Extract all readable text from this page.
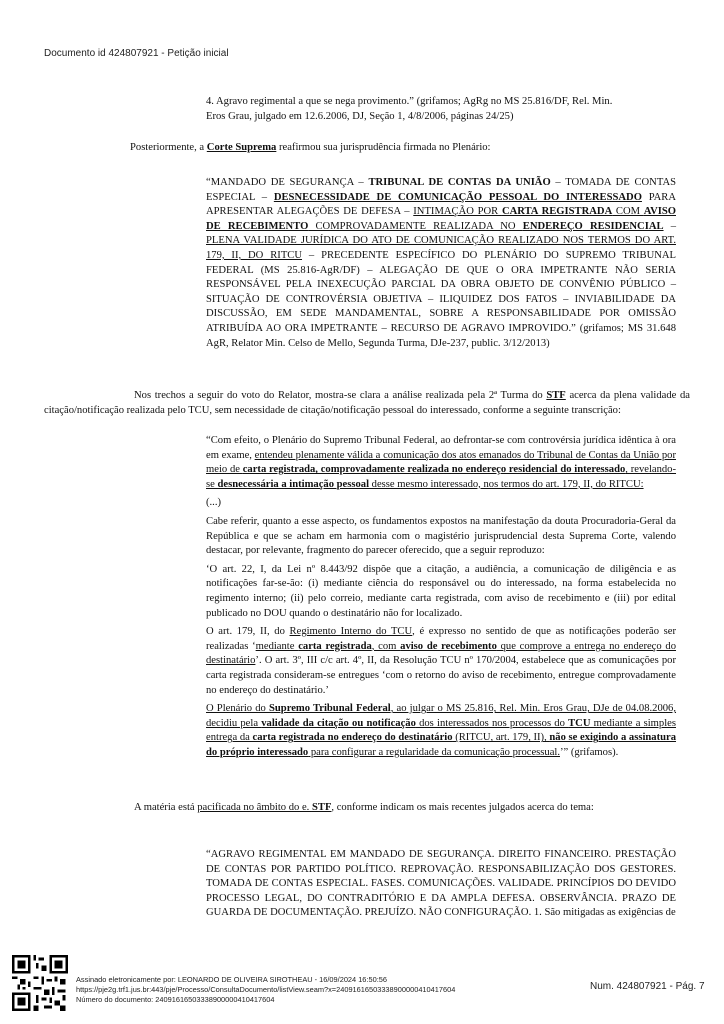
Documento id 424807921 - Petição inicial
4. Agravo regimental a que se nega provimento.” (grifamos; AgRg no MS 25.816/DF, Rel. Min.
Eros Grau, julgado em 12.6.2006, DJ, Seção 1, 4/8/2006, páginas 24/25)
Posteriormente, a Corte Suprema reafirmou sua jurisprudência firmada no Plenário:
“MANDADO DE SEGURANÇA – TRIBUNAL DE CONTAS DA UNIÃO – TOMADA DE CONTAS ESPECIAL – DESNECESSIDADE DE COMUNICAÇÃO PESSOAL DO INTERESSADO PARA APRESENTAR ALEGAÇÕES DE DEFESA – INTIMAÇÃO POR CARTA REGISTRADA COM AVISO DE RECEBIMENTO COMPROVADAMENTE REALIZADA NO ENDEREÇO RESIDENCIAL – PLENA VALIDADE JURÍDICA DO ATO DE COMUNICAÇÃO REALIZADO NOS TERMOS DO ART. 179, II, DO RITCU – PRECEDENTE ESPECÍFICO DO PLENÁRIO DO SUPREMO TRIBUNAL FEDERAL (MS 25.816-AgR/DF) – ALEGAÇÃO DE QUE O ORA IMPETRANTE NÃO SERIA RESPONSÁVEL PELA INEXECUÇÃO PARCIAL DA OBRA OBJETO DE CONVÊNIO PÚBLICO – SITUAÇÃO DE CONTROVÉRSIA OBJETIVA – ILIQUIDEZ DOS FATOS – INVIABILIDADE DA DISCUSSÃO, EM SEDE MANDAMENTAL, SOBRE A RESPONSABILIDADE POR OMISSÃO ATRIBUÍDA AO ORA IMPETRANTE – RECURSO DE AGRAVO IMPROVIDO.” (grifamos; MS 31.648 AgR, Relator Min. Celso de Mello, Segunda Turma, DJe-237, public. 3/12/2013)
Nos trechos a seguir do voto do Relator, mostra-se clara a análise realizada pela 2ª Turma do STF acerca da plena validade da citação/notificação realizada pelo TCU, sem necessidade de citação/notificação pessoal do interessado, conforme a seguinte transcrição:

“Com efeito, o Plenário do Supremo Tribunal Federal, ao defrontar-se com controvérsia jurídica idêntica à ora em exame, entendeu plenamente válida a comunicação dos atos emanados do Tribunal de Contas da União por meio de carta registrada, comprovadamente realizada no endereço residencial do interessado, revelando-se desnecessária a intimação pessoal desse mesmo interessado, nos termos do art. 179, II, do RITCU:

(...)

Cabe referir, quanto a esse aspecto, os fundamentos expostos na manifestação da douta Procuradoria-Geral da República e que se acham em harmonia com o magistério jurisprudencial desta Suprema Corte, valendo destacar, por relevante, fragmento do parecer oferecido, que a seguir reproduzo:

‘O art. 22, I, da Lei nº 8.443/92 dispõe que a citação, a audiência, a comunicação de diligência e as notificações far-se-ão: (i) mediante ciência do responsável ou do interessado, na forma estabelecida no regimento interno; (ii) pelo correio, mediante carta registrada, com aviso de recebimento e (iii) por edital publicado no DOU quando o destinatário não for localizado.

O art. 179, II, do Regimento Interno do TCU, é expresso no sentido de que as notificações poderão ser realizadas ‘mediante carta registrada, com aviso de recebimento que comprove a entrega no endereço do destinatário’. O art. 3º, III c/c art. 4º, II, da Resolução TCU nº 170/2004, estabelece que as comunicações por carta registrada consideram-se entregues ‘com o retorno do aviso de recebimento, entregue comprovadamente no endereço do destinatário.’

O Plenário do Supremo Tribunal Federal, ao julgar o MS 25.816, Rel. Min. Eros Grau, DJe de 04.08.2006, decidiu pela validade da citação ou notificação dos interessados nos processos do TCU mediante a simples entrega da carta registrada no endereço do destinatário (RITCU, art. 179, II), não se exigindo a assinatura do próprio interessado para configurar a regularidade da comunicação processual.’” (grifamos).

A matéria está pacificada no âmbito do e. STF, conforme indicam os mais recentes julgados acerca do tema:
“AGRAVO REGIMENTAL EM MANDADO DE SEGURANÇA. DIREITO FINANCEIRO. PRESTAÇÃO DE CONTAS POR PARTIDO POLÍTICO. REPROVAÇÃO. RESPONSABILIZAÇÃO DOS GESTORES. TOMADA DE CONTAS ESPECIAL. FASES. COMUNICAÇÕES. VALIDADE. PRINCÍPIOS DO DEVIDO PROCESSO LEGAL, DO CONTRADITÓRIO E DA AMPLA DEFESA. OBSERVÂNCIA. PRAZO DE GUARDA DE DOCUMENTAÇÃO. PREJUÍZO. NÃO CONFIGURAÇÃO. 1. São mitigadas as exigências de
Assinado eletronicamente por: LEONARDO DE OLIVEIRA SIROTHEAU - 16/09/2024 16:50:56
https://pje2g.trf1.jus.br:443/pje/Processo/ConsultaDocumento/listView.seam?x=24091616503338900000410417604
Número do documento: 24091616503338900000410417604
Num. 424807921 - Pág. 7
